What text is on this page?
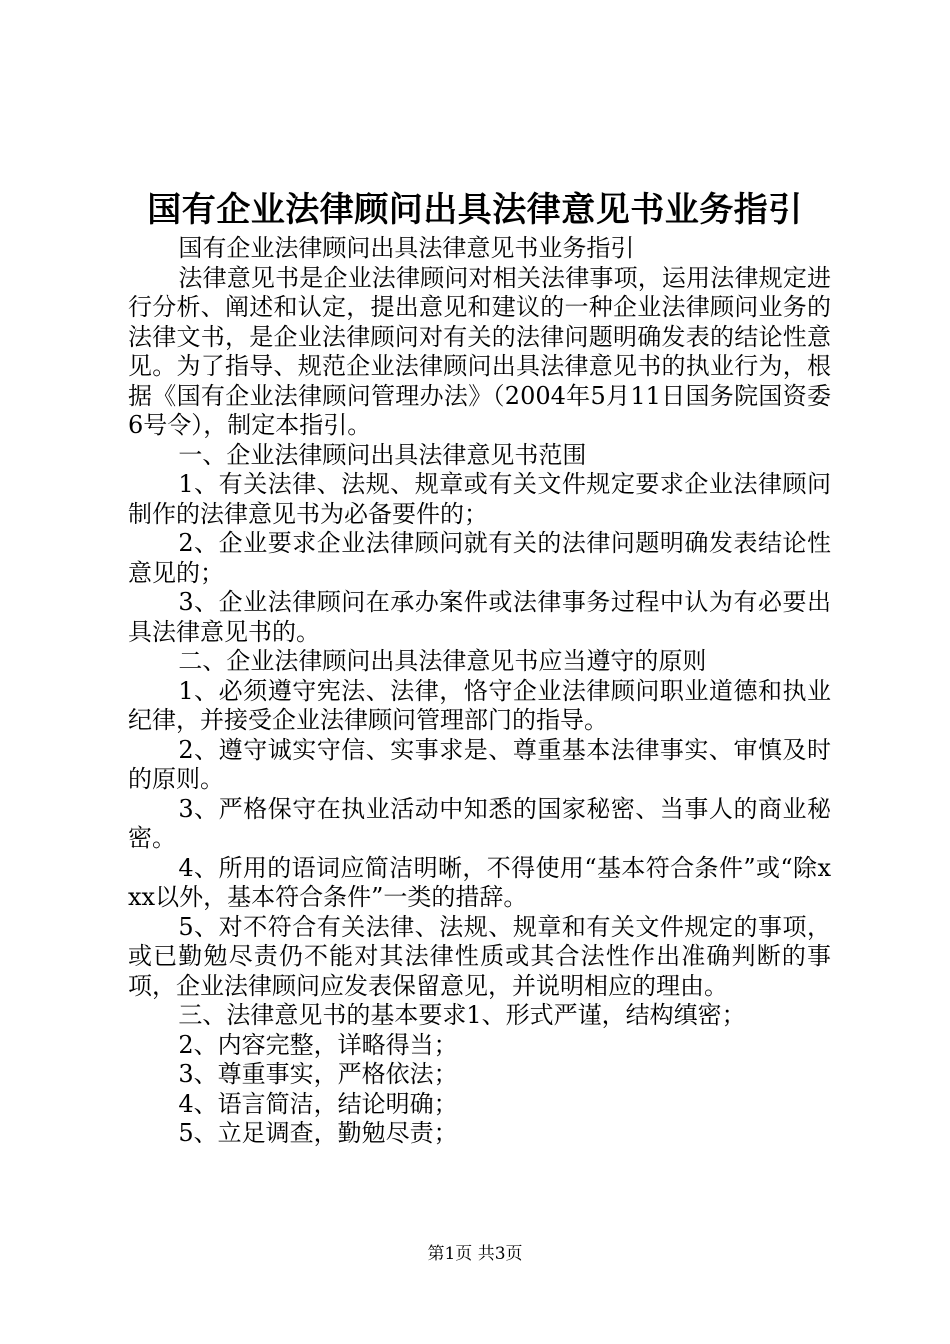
国有企业法律顾问出具法律意见书业务指引

国有企业法律顾问出具法律意见书业务指引

法律意见书是企业法律顾问对相关法律事项，运用法律规定进行分析、阐述和认定，提出意见和建议的一种企业法律顾问业务的法律文书，是企业法律顾问对有关的法律问题明确发表的结论性意见。为了指导、规范企业法律顾问出具法律意见书的执业行为，根据《国有企业法律顾问管理办法》（2004年5月11日国务院国资委6号令），制定本指引。

一、企业法律顾问出具法律意见书范围

1、有关法律、法规、规章或有关文件规定要求企业法律顾问制作的法律意见书为必备要件的；

2、企业要求企业法律顾问就有关的法律问题明确发表结论性意见的；

3、企业法律顾问在承办案件或法律事务过程中认为有必要出具法律意见书的。

二、企业法律顾问出具法律意见书应当遵守的原则

1、必须遵守宪法、法律，恪守企业法律顾问职业道德和执业纪律，并接受企业法律顾问管理部门的指导。

2、遵守诚实守信、实事求是、尊重基本法律事实、审慎及时的原则。

3、严格保守在执业活动中知悉的国家秘密、当事人的商业秘密。

4、所用的语词应简洁明晰，不得使用“基本符合条件”或“除xxx以外，基本符合条件”一类的措辞。

5、对不符合有关法律、法规、规章和有关文件规定的事项，或已勤勉尽责仍不能对其法律性质或其合法性作出准确判断的事项，企业法律顾问应发表保留意见，并说明相应的理由。

三、法律意见书的基本要求1、形式严谨，结构缜密；

2、内容完整，详略得当；

3、尊重事实，严格依法；

4、语言简洁，结论明确；

5、立足调查，勤勉尽责；

第1页 共3页
